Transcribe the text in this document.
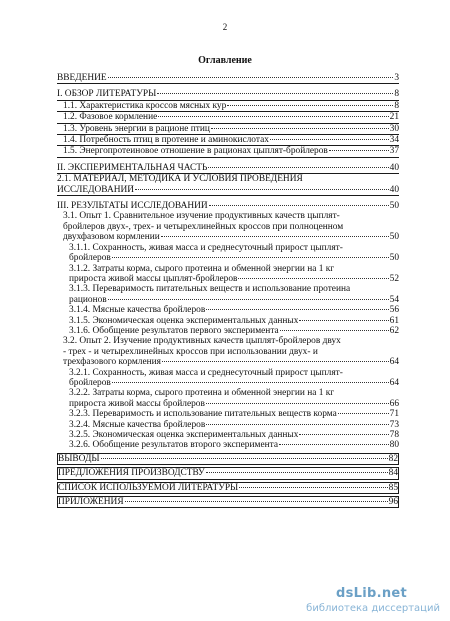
2
Оглавление
ВВЕДЕНИЕ	3
I. ОБЗОР ЛИТЕРАТУРЫ	8
1.1. Характеристика кроссов мясных кур	8
1.2. Фазовое кормление	21
1.3. Уровень энергии в рационе птиц	30
1.4. Потребность птиц в протеине и аминокислотах	34
1.5. Энергопротеиновое отношение в рационах цыплят-бройлеров	37
II. ЭКСПЕРИМЕНТАЛЬНАЯ ЧАСТЬ	40
2.1. МАТЕРИАЛ, МЕТОДИКА И УСЛОВИЯ ПРОВЕДЕНИЯ
ИССЛЕДОВАНИЙ	40
III. РЕЗУЛЬТАТЫ ИССЛЕДОВАНИЙ	50
3.1. Опыт 1. Сравнительное изучение продуктивных качеств цыплят-
бройлеров двух-, трех- и четырехлинейных кроссов при полноценном
двухфазовом кормлении	50
3.1.1. Сохранность, живая масса и среднесуточный прирост цыплят-
бройлеров	50
3.1.2. Затраты корма, сырого протеина и обменной энергии на 1 кг
прироста живой массы цыплят-бройлеров	52
3.1.3. Переваримость питательных веществ и использование протеина
рационов	54
3.1.4. Мясные качества бройлеров	56
3.1.5. Экономическая оценка экспериментальных данных	61
3.1.6. Обобщение результатов первого эксперимента	62
3.2. Опыт 2. Изучение продуктивных качеств цыплят-бройлеров двух
- трех - и четырехлинейных кроссов при использовании двух- и
трехфазового кормления	64
3.2.1. Сохранность, живая масса и среднесуточный прирост цыплят-
бройлеров	64
3.2.2. Затраты корма, сырого протеина и обменной энергии на 1 кг
прироста живой массы бройлеров	66
3.2.3. Переваримость и использование питательных веществ корма	71
3.2.4. Мясные качества бройлеров	73
3.2.5. Экономическая оценка экспериментальных данных	78
3.2.6. Обобщение результатов второго эксперимента	80
ВЫВОДЫ	82
ПРЕДЛОЖЕНИЯ ПРОИЗВОДСТВУ	84
СПИСОК ИСПОЛЬЗУЕМОЙ ЛИТЕРАТУРЫ	85
ПРИЛОЖЕНИЯ	96
dsLib.net
библиотека диссертаций
